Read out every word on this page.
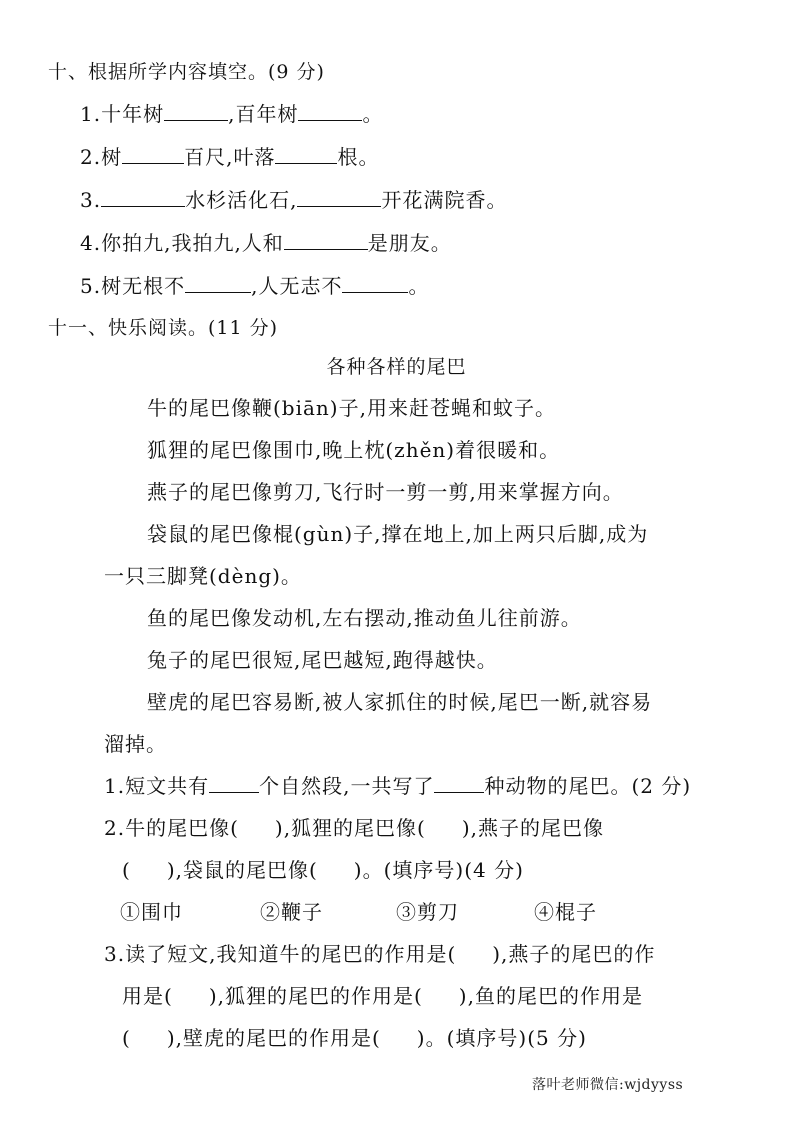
十、根据所学内容填空。(9 分)
1.十年树	,百年树	。
2.树	百尺,叶落	根。
3.	水杉活化石,	开花满院香。
4.你拍九,我拍九,人和	是朋友。
5.树无根不	,人无志不	。
十一、快乐阅读。(11 分)
各种各样的尾巴
牛的尾巴像鞭(biān)子,用来赶苍蝇和蚊子。
狐狸的尾巴像围巾,晚上枕(zhěn)着很暖和。
燕子的尾巴像剪刀,飞行时一剪一剪,用来掌握方向。
袋鼠的尾巴像棍(gùn)子,撑在地上,加上两只后脚,成为
一只三脚凳(dèng)。
鱼的尾巴像发动机,左右摆动,推动鱼儿往前游。
兔子的尾巴很短,尾巴越短,跑得越快。
壁虎的尾巴容易断,被人家抓住的时候,尾巴一断,就容易
溜掉。
1.短文共有	个自然段,一共写了	种动物的尾巴。(2 分)
2.牛的尾巴像( ),狐狸的尾巴像( ),燕子的尾巴像
( ),袋鼠的尾巴像( )。(填序号)(4 分)
①围巾	②鞭子	③剪刀	④棍子
3.读了短文,我知道牛的尾巴的作用是( ),燕子的尾巴的作
用是( ),狐狸的尾巴的作用是( ),鱼的尾巴的作用是
( ),壁虎的尾巴的作用是( )。(填序号)(5 分)
落叶老师微信:wjdyyss
